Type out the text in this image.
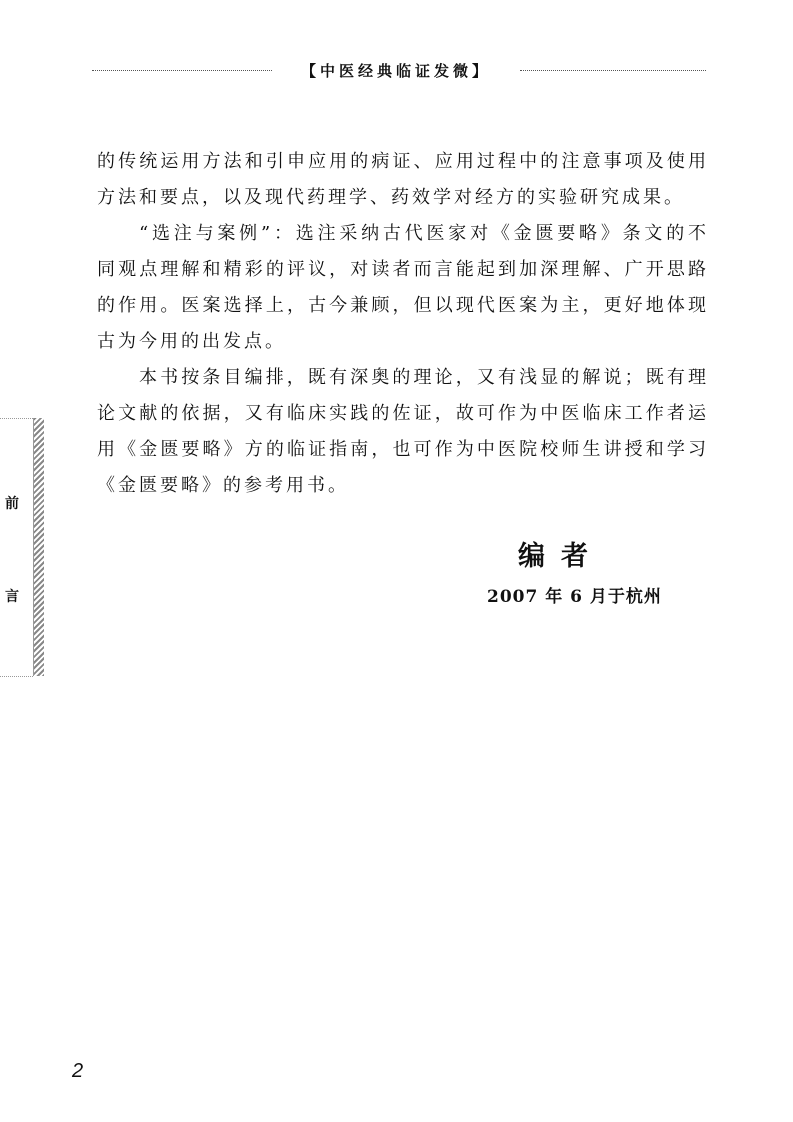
【中医经典临证发微】

的传统运用方法和引申应用的病证、应用过程中的注意事项及使用方法和要点，以及现代药理学、药效学对经方的实验研究成果。

“选注与案例”：选注采纳古代医家对《金匮要略》条文的不同观点理解和精彩的评议，对读者而言能起到加深理解、广开思路的作用。医案选择上，古今兼顾，但以现代医案为主，更好地体现古为今用的出发点。

本书按条目编排，既有深奥的理论，又有浅显的解说；既有理论文献的依据，又有临床实践的佐证，故可作为中医临床工作者运用《金匮要略》方的临证指南，也可作为中医院校师生讲授和学习《金匮要略》的参考用书。

编者
2007 年 6 月于杭州
前
言
2
